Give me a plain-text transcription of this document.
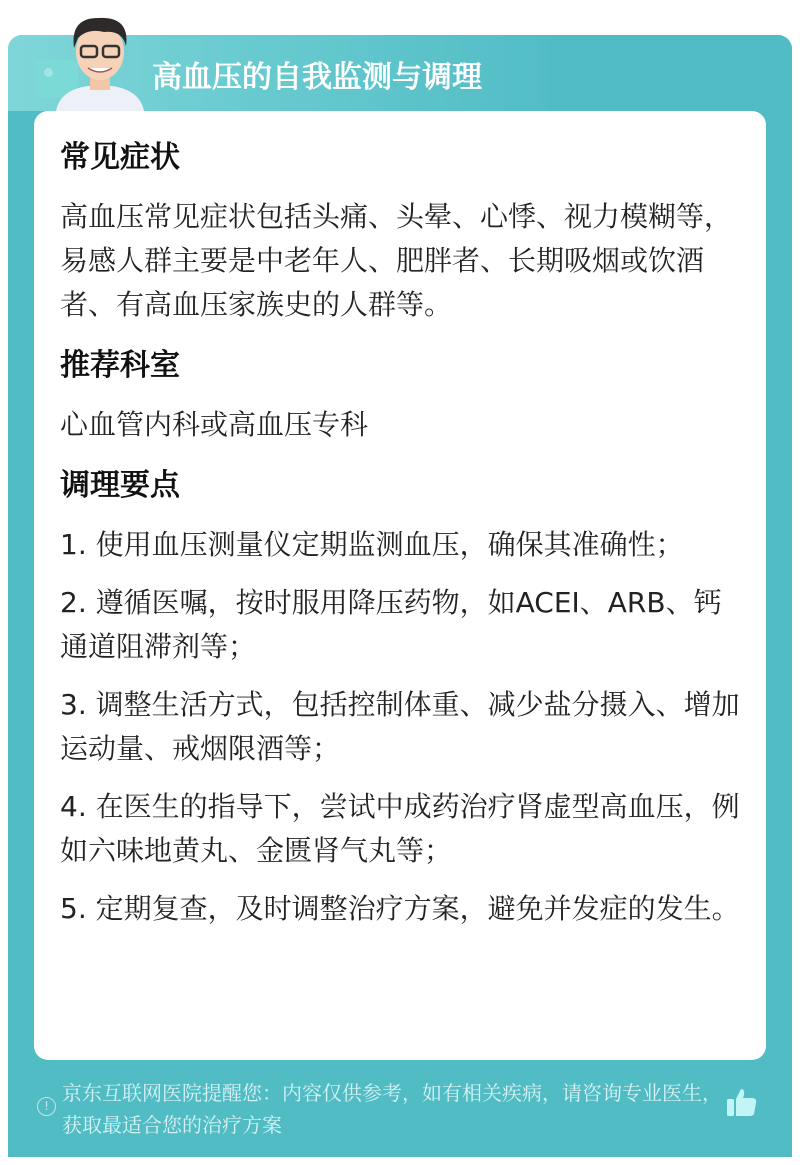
高血压的自我监测与调理
常见症状

高血压常见症状包括头痛、头晕、心悸、视力模糊等，易感人群主要是中老年人、肥胖者、长期吸烟或饮酒者、有高血压家族史的人群等。

推荐科室

心血管内科或高血压专科

调理要点

1. 使用血压测量仪定期监测血压，确保其准确性；

2. 遵循医嘱，按时服用降压药物，如ACEI、ARB、钙通道阻滞剂等；

3. 调整生活方式，包括控制体重、减少盐分摄入、增加运动量、戒烟限酒等；

4. 在医生的指导下，尝试中成药治疗肾虚型高血压，例如六味地黄丸、金匮肾气丸等；

5. 定期复查，及时调整治疗方案，避免并发症的发生。

!
京东互联网医院提醒您：内容仅供参考，如有相关疾病，请咨询专业医生，获取最适合您的治疗方案
